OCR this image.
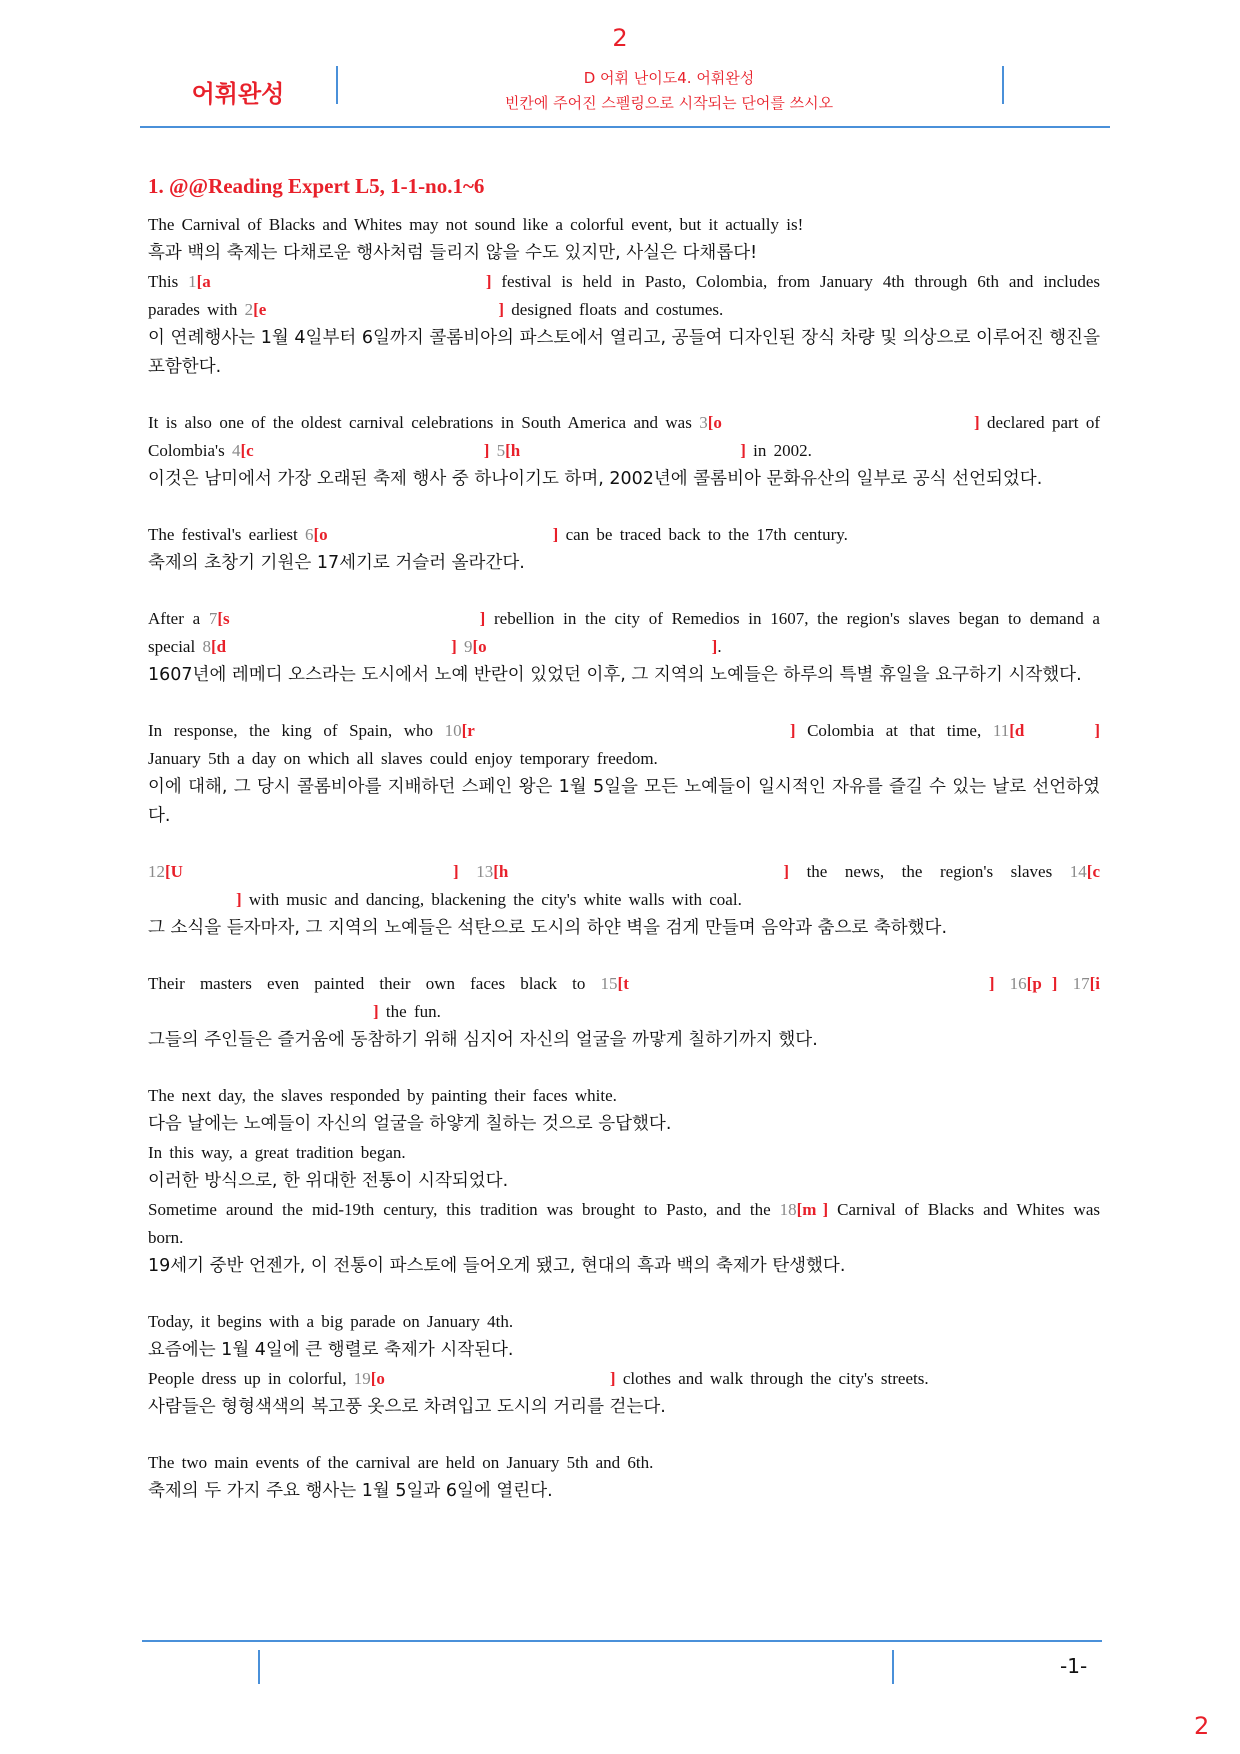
2
어휘완성
D 어휘 난이도4. 어휘완성
빈칸에 주어진 스펠링으로 시작되는 단어를 쓰시오
1. @@Reading Expert L5, 1-1-no.1~6
The Carnival of Blacks and Whites may not sound like a colorful event, but it actually is!
흑과 백의 축제는 다채로운 행사처럼 들리지 않을 수도 있지만, 사실은 다채롭다!
This 1[a	] festival is held in Pasto, Colombia, from January 4th through 6th and includes parades with 2[e	] designed floats and costumes.
이 연례행사는 1월 4일부터 6일까지 콜롬비아의 파스토에서 열리고, 공들여 디자인된 장식 차량 및 의상으로 이루어진 행진을 포함한다.
It is also one of the oldest carnival celebrations in South America and was 3[o	] declared part of Colombia's 4[c	] 5[h	] in 2002.
이것은 남미에서 가장 오래된 축제 행사 중 하나이기도 하며, 2002년에 콜롬비아 문화유산의 일부로 공식 선언되었다.
The festival's earliest 6[o	] can be traced back to the 17th century.
축제의 초창기 기원은 17세기로 거슬러 올라간다.
After a 7[s	] rebellion in the city of Remedios in 1607, the region's slaves began to demand a special 8[d	] 9[o	].
1607년에 레메디 오스라는 도시에서 노예 반란이 있었던 이후, 그 지역의 노예들은 하루의 특별 휴일을 요구하기 시작했다.
In response, the king of Spain, who 10[r	] Colombia at that time, 11[d	] January 5th a day on which all slaves could enjoy temporary freedom.
이에 대해, 그 당시 콜롬비아를 지배하던 스페인 왕은 1월 5일을 모든 노예들이 일시적인 자유를 즐길 수 있는 날로 선언하였다.
12[U	] 13[h	] the news, the region's slaves 14[c] with music and dancing, blackening the city's white walls with coal.
그 소식을 듣자마자, 그 지역의 노예들은 석탄으로 도시의 하얀 벽을 검게 만들며 음악과 춤으로 축하했다.
Their masters even painted their own faces black to 15[t	] 16[p ] 17[i] the fun.
그들의 주인들은 즐거움에 동참하기 위해 심지어 자신의 얼굴을 까맣게 칠하기까지 했다.
The next day, the slaves responded by painting their faces white.
다음 날에는 노예들이 자신의 얼굴을 하얗게 칠하는 것으로 응답했다.
In this way, a great tradition began.
이러한 방식으로, 한 위대한 전통이 시작되었다.
Sometime around the mid-19th century, this tradition was brought to Pasto, and the 18[m ] Carnival of Blacks and Whites was born.
19세기 중반 언젠가, 이 전통이 파스토에 들어오게 됐고, 현대의 흑과 백의 축제가 탄생했다.
Today, it begins with a big parade on January 4th.
요즘에는 1월 4일에 큰 행렬로 축제가 시작된다.
People dress up in colorful, 19[o	] clothes and walk through the city's streets.
사람들은 형형색색의 복고풍 옷으로 차려입고 도시의 거리를 걷는다.
The two main events of the carnival are held on January 5th and 6th.
축제의 두 가지 주요 행사는 1월 5일과 6일에 열린다.
-1-
2
